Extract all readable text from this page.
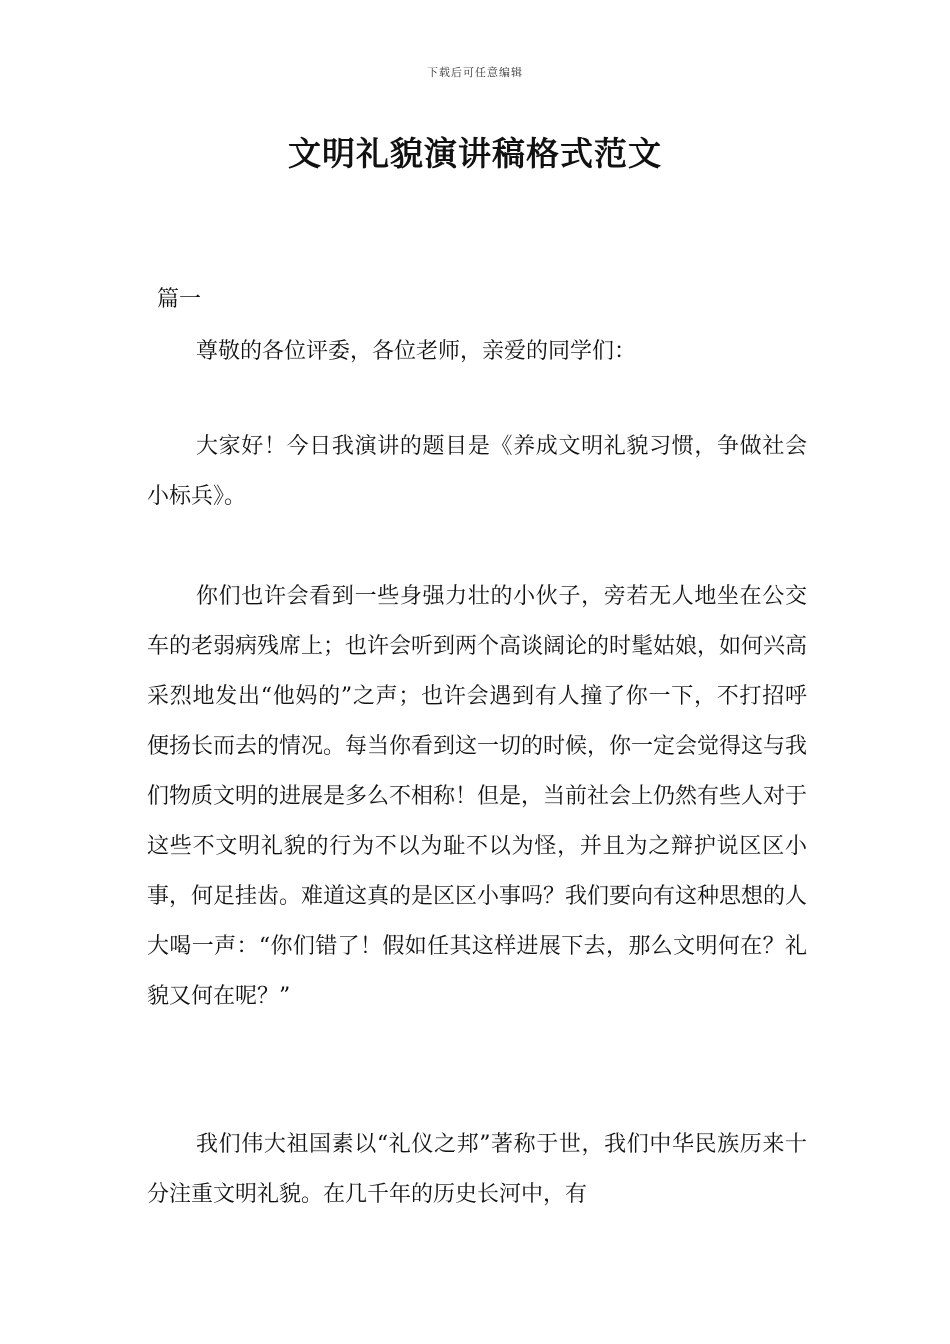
下载后可任意编辑
文明礼貌演讲稿格式范文
篇一
尊敬的各位评委，各位老师，亲爱的同学们：

大家好！今日我演讲的题目是《养成文明礼貌习惯，争做社会小标兵》。

你们也许会看到一些身强力壮的小伙子，旁若无人地坐在公交车的老弱病残席上；也许会听到两个高谈阔论的时髦姑娘，如何兴高采烈地发出“他妈的”之声；也许会遇到有人撞了你一下，不打招呼便扬长而去的情况。每当你看到这一切的时候，你一定会觉得这与我们物质文明的进展是多么不相称！但是，当前社会上仍然有些人对于这些不文明礼貌的行为不以为耻不以为怪，并且为之辩护说区区小事，何足挂齿。难道这真的是区区小事吗？我们要向有这种思想的人大喝一声：“你们错了！假如任其这样进展下去，那么文明何在？礼貌又何在呢？”

我们伟大祖国素以“礼仪之邦”著称于世，我们中华民族历来十分注重文明礼貌。在几千年的历史长河中，有
